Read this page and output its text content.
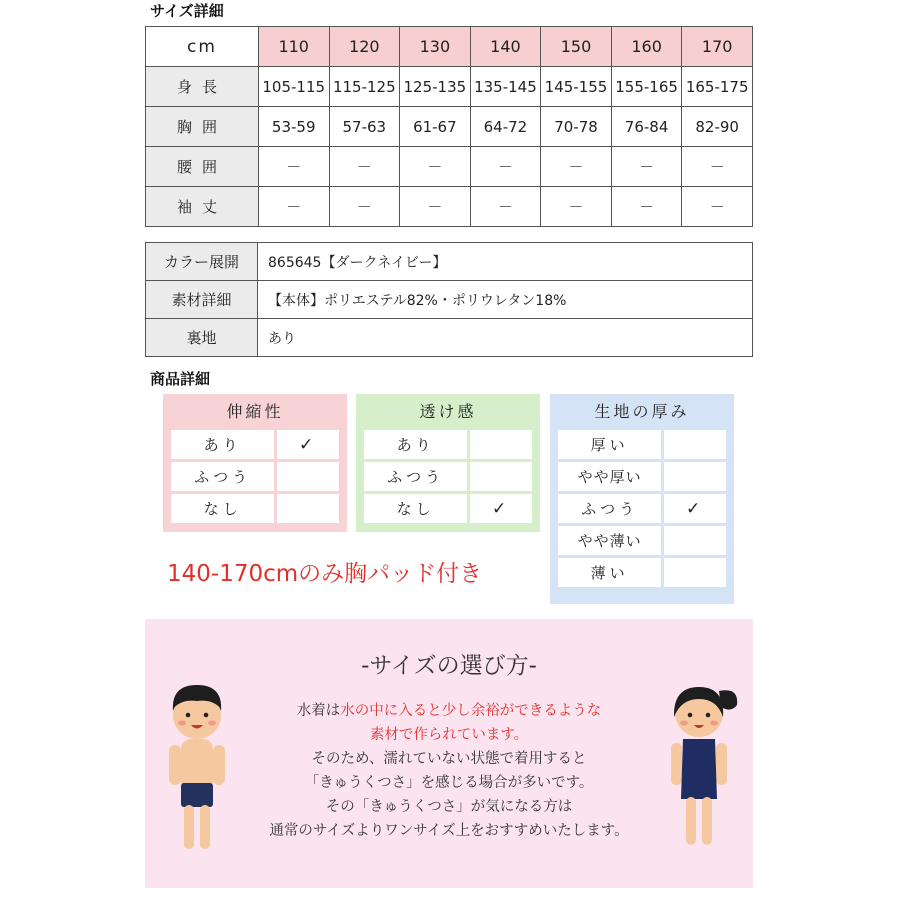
サイズ詳細
cm	110	120	130	140	150	160	170
身長	105-115	115-125	125-135	135-145	145-155	155-165	165-175
胸囲	53-59	57-63	61-67	64-72	70-78	76-84	82-90
腰囲	－	－	－	－	－	－	－
袖丈	－	－	－	－	－	－	－
カラー展開	865645【ダークネイビー】
素材詳細	【本体】ポリエステル82%・ポリウレタン18%
裏地	あり
商品詳細
伸縮性
あり	✓
ふつう	
なし	
透け感
あり	
ふつう	
なし	✓
生地の厚み
厚い	
やや厚い	
ふつう	✓
やや薄い	
薄い	
140-170cmのみ胸パッド付き
-サイズの選び方-
水着は水の中に入ると少し余裕ができるような
素材で作られています。
そのため、濡れていない状態で着用すると
「きゅうくつさ」を感じる場合が多いです。
その「きゅうくつさ」が気になる方は
通常のサイズよりワンサイズ上をおすすめいたします。
